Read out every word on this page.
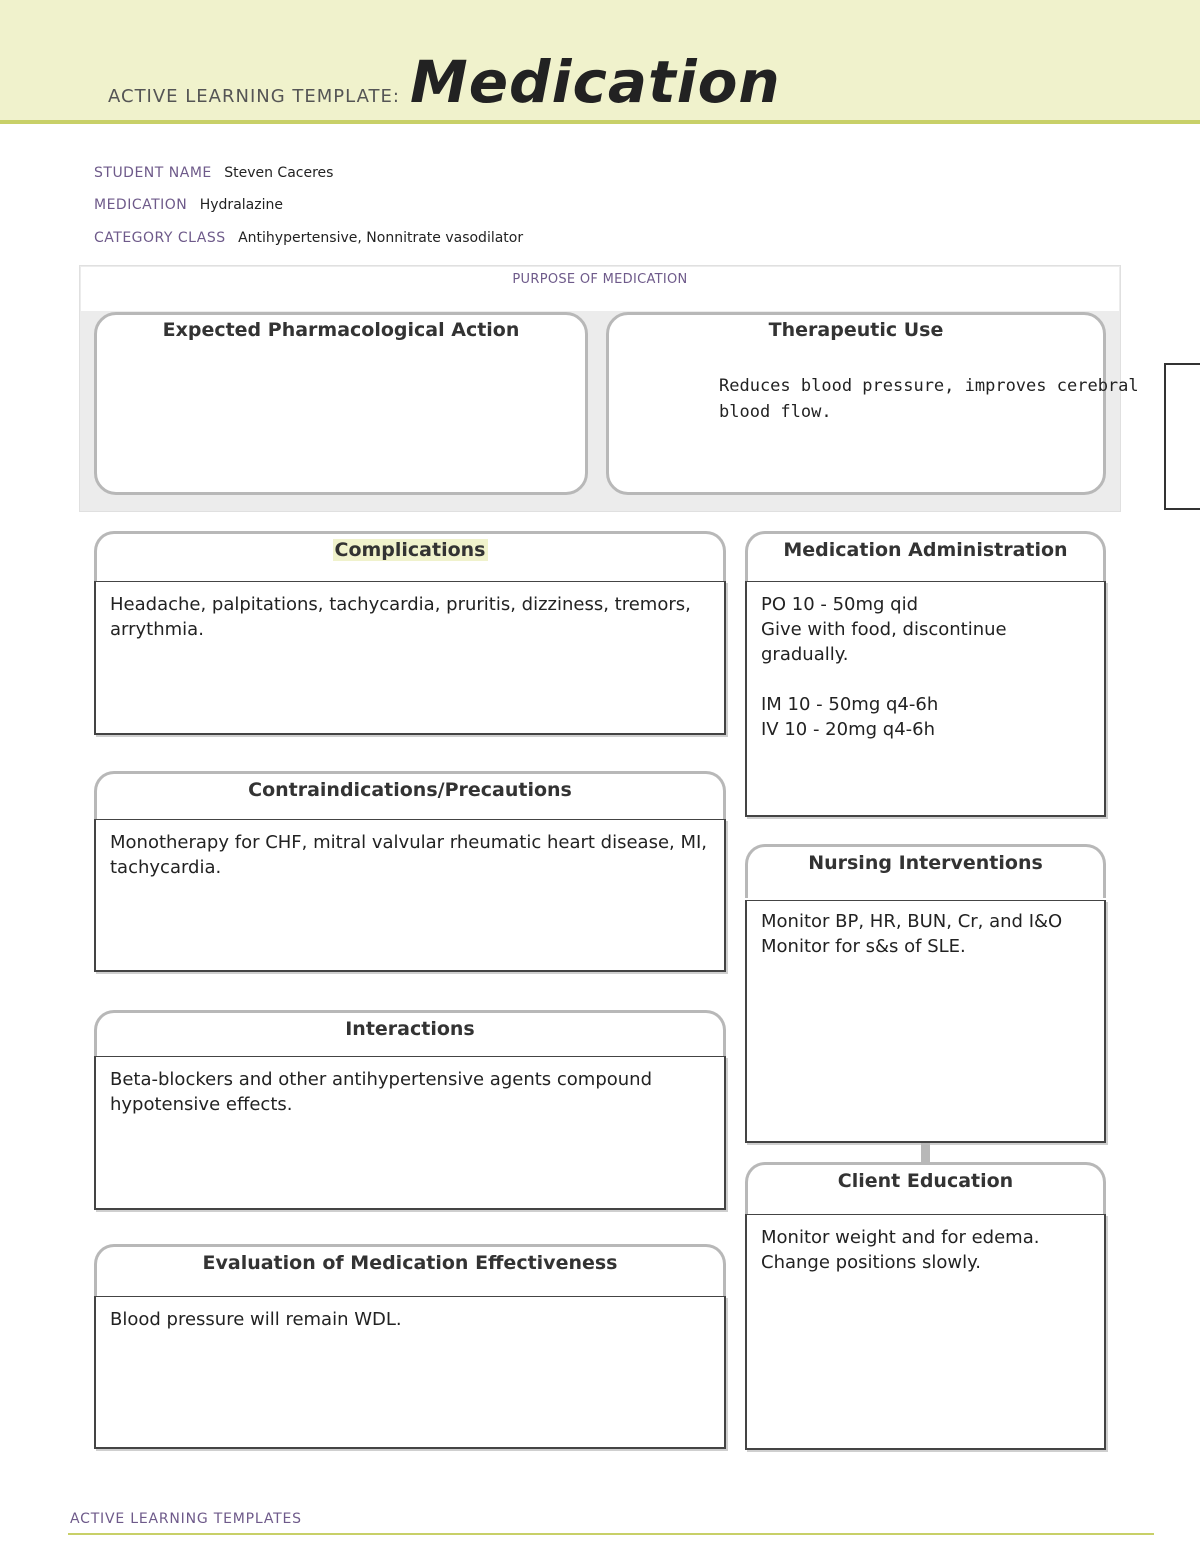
ACTIVE LEARNING TEMPLATE: Medication
STUDENT NAME Steven Caceres
MEDICATION Hydralazine
CATEGORY CLASS Antihypertensive, Nonnitrate vasodilator
PURPOSE OF MEDICATION
Expected Pharmacological Action	Therapeutic Use
Reduces blood pressure, improves cerebral blood flow.
Complications
Headache, palpitations, tachycardia, pruritis, dizziness, tremors, arrythmia.
Contraindications/Precautions
Monotherapy for CHF, mitral valvular rheumatic heart disease, MI, tachycardia.
Interactions
Beta-blockers and other antihypertensive agents compound hypotensive effects.
Evaluation of Medication Effectiveness
Blood pressure will remain WDL.
Medication Administration
PO 10 - 50mg qid
Give with food, discontinue gradually.

IM 10 - 50mg q4-6h
IV 10 - 20mg q4-6h
Nursing Interventions
Monitor BP, HR, BUN, Cr, and I&O
Monitor for s&s of SLE.
Client Education
Monitor weight and for edema.
Change positions slowly.
ACTIVE LEARNING TEMPLATES
